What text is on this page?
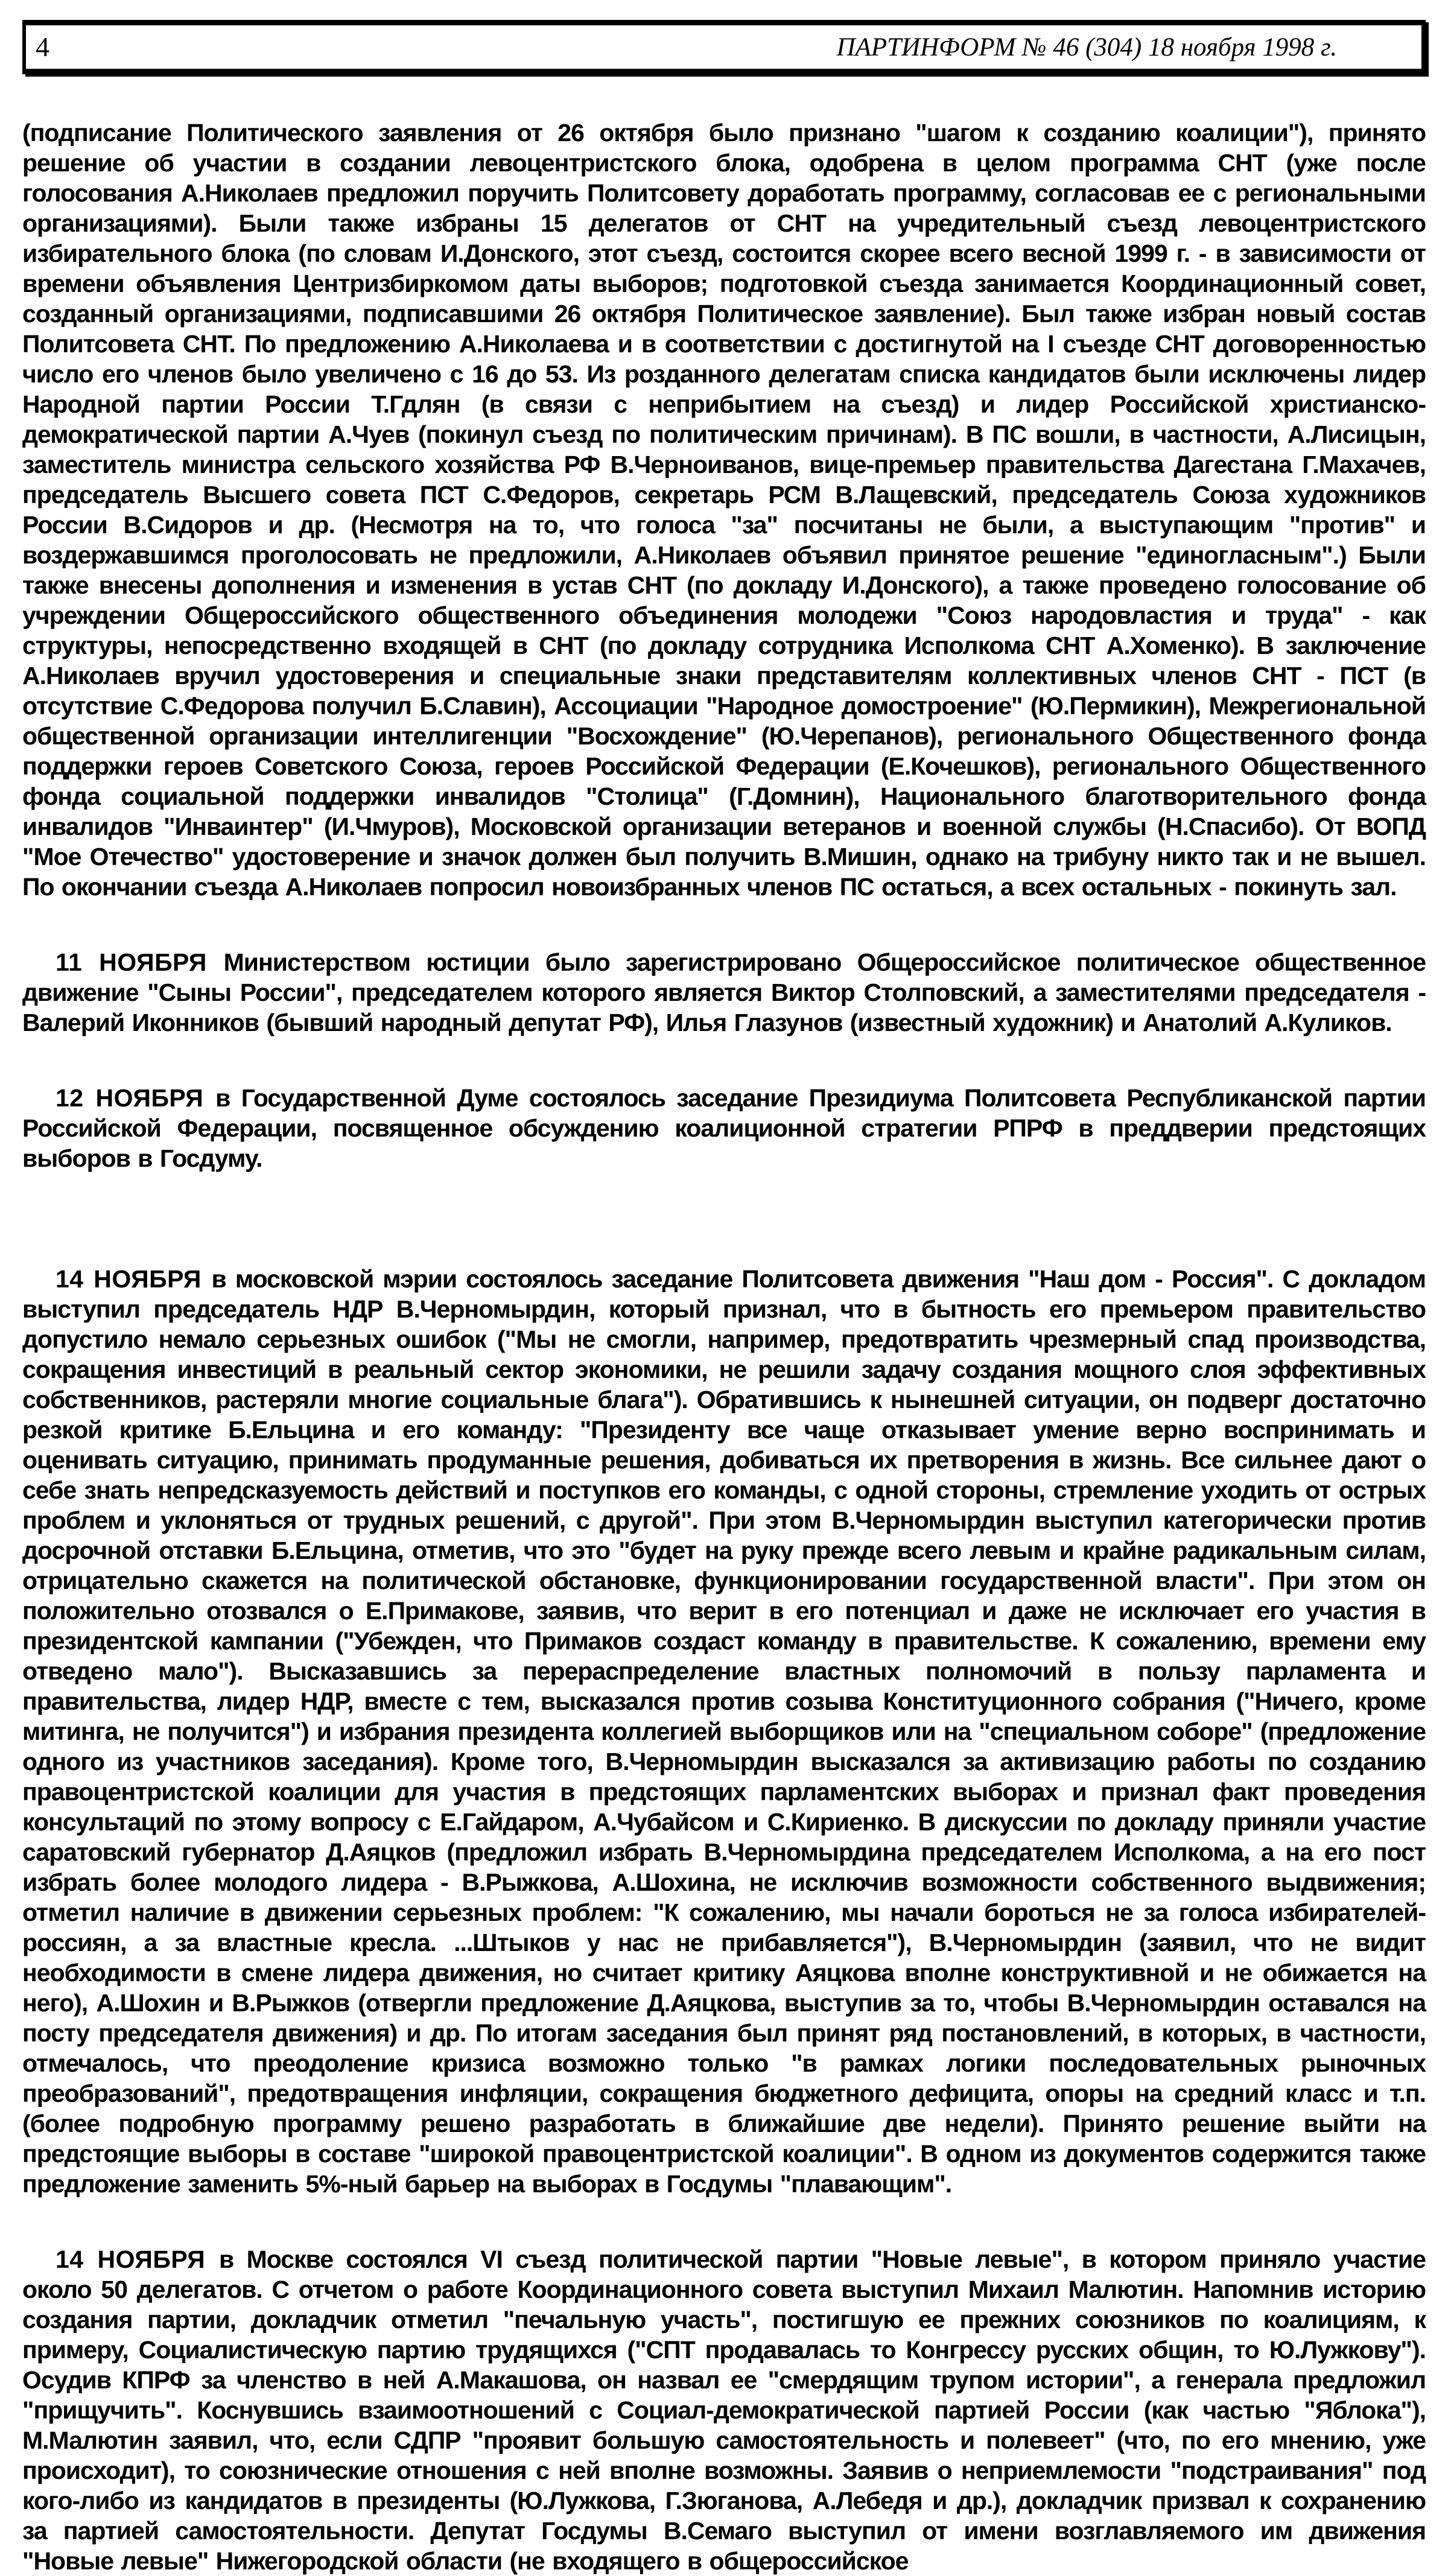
4	ПАРТИНФОРМ № 46 (304) 18 ноября 1998 г.

(подписание Политического заявления от 26 октября было признано "шагом к созданию коалиции"), принято решение об участии в создании левоцентристского блока, одобрена в целом программа СНТ (уже после голосования А.Николаев предложил поручить Политсовету доработать программу, согласовав ее с региональными организациями). Были также избраны 15 делегатов от СНТ на учредительный съезд левоцентристского избирательного блока (по словам И.Донского, этот съезд, состоится скорее всего весной 1999 г. - в зависимости от времени объявления Центризбиркомом даты выборов; подготовкой съезда занимается Координационный совет, созданный организациями, подписавшими 26 октября Политическое заявление). Был также избран новый состав Политсовета СНТ. По предложению А.Николаева и в соответствии с достигнутой на I съезде СНТ договоренностью число его членов было увеличено с 16 до 53. Из розданного делегатам списка кандидатов были исключены лидер Народной партии России Т.Гдлян (в связи с неприбытием на съезд) и лидер Российской христианско-демократической партии А.Чуев (покинул съезд по политическим причинам). В ПС вошли, в частности, А.Лисицын, заместитель министра сельского хозяйства РФ В.Черноиванов, вице-премьер правительства Дагестана Г.Махачев, председатель Высшего совета ПСТ С.Федоров, секретарь РСМ В.Лащевский, председатель Союза художников России В.Сидоров и др. (Несмотря на то, что голоса "за" посчитаны не были, а выступающим "против" и воздержавшимся проголосовать не предложили, А.Николаев объявил принятое решение "единогласным".) Были также внесены дополнения и изменения в устав СНТ (по докладу И.Донского), а также проведено голосование об учреждении Общероссийского общественного объединения молодежи "Союз народовластия и труда" - как структуры, непосредственно входящей в СНТ (по докладу сотрудника Исполкома СНТ А.Хоменко). В заключение А.Николаев вручил удостоверения и специальные знаки представителям коллективных членов СНТ - ПСТ (в отсутствие С.Федорова получил Б.Славин), Ассоциации "Народное домостроение" (Ю.Пермикин), Межрегиональной общественной организации интеллигенции "Восхождение" (Ю.Черепанов), регионального Общественного фонда поддержки героев Советского Союза, героев Российской Федерации (Е.Кочешков), регионального Общественного фонда социальной поддержки инвалидов "Столица" (Г.Домнин), Национального благотворительного фонда инвалидов "Инваинтер" (И.Чмуров), Московской организации ветеранов и военной службы (Н.Спасибо). От ВОПД "Мое Отечество" удостоверение и значок должен был получить В.Мишин, однако на трибуну никто так и не вышел. По окончании съезда А.Николаев попросил новоизбранных членов ПС остаться, а всех остальных - покинуть зал.

11 НОЯБРЯ Министерством юстиции было зарегистрировано Общероссийское политическое общественное движение "Сыны России", председателем которого является Виктор Столповский, а заместителями председателя - Валерий Иконников (бывший народный депутат РФ), Илья Глазунов (известный художник) и Анатолий А.Куликов.

12 НОЯБРЯ в Государственной Думе состоялось заседание Президиума Политсовета Республиканской партии Российской Федерации, посвященное обсуждению коалиционной стратегии РПРФ в преддверии предстоящих выборов в Госдуму.

14 НОЯБРЯ в московской мэрии состоялось заседание Политсовета движения "Наш дом - Россия". С докладом выступил председатель НДР В.Черномырдин, который признал, что в бытность его премьером правительство допустило немало серьезных ошибок ("Мы не смогли, например, предотвратить чрезмерный спад производства, сокращения инвестиций в реальный сектор экономики, не решили задачу создания мощного слоя эффективных собственников, растеряли многие социальные блага"). Обратившись к нынешней ситуации, он подверг достаточно резкой критике Б.Ельцина и его команду: "Президенту все чаще отказывает умение верно воспринимать и оценивать ситуацию, принимать продуманные решения, добиваться их претворения в жизнь. Все сильнее дают о себе знать непредсказуемость действий и поступков его команды, с одной стороны, стремление уходить от острых проблем и уклоняться от трудных решений, с другой". При этом В.Черномырдин выступил категорически против досрочной отставки Б.Ельцина, отметив, что это "будет на руку прежде всего левым и крайне радикальным силам, отрицательно скажется на политической обстановке, функционировании государственной власти". При этом он положительно отозвался о Е.Примакове, заявив, что верит в его потенциал и даже не исключает его участия в президентской кампании ("Убежден, что Примаков создаст команду в правительстве. К сожалению, времени ему отведено мало"). Высказавшись за перераспределение властных полномочий в пользу парламента и правительства, лидер НДР, вместе с тем, высказался против созыва Конституционного собрания ("Ничего, кроме митинга, не получится") и избрания президента коллегией выборщиков или на "специальном соборе" (предложение одного из участников заседания). Кроме того, В.Черномырдин высказался за активизацию работы по созданию правоцентристской коалиции для участия в предстоящих парламентских выборах и признал факт проведения консультаций по этому вопросу с Е.Гайдаром, А.Чубайсом и С.Кириенко. В дискуссии по докладу приняли участие саратовский губернатор Д.Аяцков (предложил избрать В.Черномырдина председателем Исполкома, а на его пост избрать более молодого лидера - В.Рыжкова, А.Шохина, не исключив возможности собственного выдвижения; отметил наличие в движении серьезных проблем: "К сожалению, мы начали бороться не за голоса избирателей-россиян, а за властные кресла. ...Штыков у нас не прибавляется"), В.Черномырдин (заявил, что не видит необходимости в смене лидера движения, но считает критику Аяцкова вполне конструктивной и не обижается на него), А.Шохин и В.Рыжков (отвергли предложение Д.Аяцкова, выступив за то, чтобы В.Черномырдин оставался на посту председателя движения) и др. По итогам заседания был принят ряд постановлений, в которых, в частности, отмечалось, что преодоление кризиса возможно только "в рамках логики последовательных рыночных преобразований", предотвращения инфляции, сокращения бюджетного дефицита, опоры на средний класс и т.п. (более подробную программу решено разработать в ближайшие две недели). Принято решение выйти на предстоящие выборы в составе "широкой правоцентристской коалиции". В одном из документов содержится также предложение заменить 5%-ный барьер на выборах в Госдумы "плавающим".

14 НОЯБРЯ в Москве состоялся VI съезд политической партии "Новые левые", в котором приняло участие около 50 делегатов. С отчетом о работе Координационного совета выступил Михаил Малютин. Напомнив историю создания партии, докладчик отметил "печальную участь", постигшую ее прежних союзников по коалициям, к примеру, Социалистическую партию трудящихся ("СПТ продавалась то Конгрессу русских общин, то Ю.Лужкову"). Осудив КПРФ за членство в ней А.Макашова, он назвал ее "смердящим трупом истории", а генерала предложил "прищучить". Коснувшись взаимоотношений с Социал-демократической партией России (как частью "Яблока"), М.Малютин заявил, что, если СДПР "проявит большую самостоятельность и полевеет" (что, по его мнению, уже происходит), то союзнические отношения с ней вполне возможны. Заявив о неприемлемости "подстраивания" под кого-либо из кандидатов в президенты (Ю.Лужкова, Г.Зюганова, А.Лебедя и др.), докладчик призвал к сохранению за партией самостоятельности. Депутат Госдумы В.Семаго выступил от имени возглавляемого им движения "Новые левые" Нижегородской области (не входящего в общероссийское
